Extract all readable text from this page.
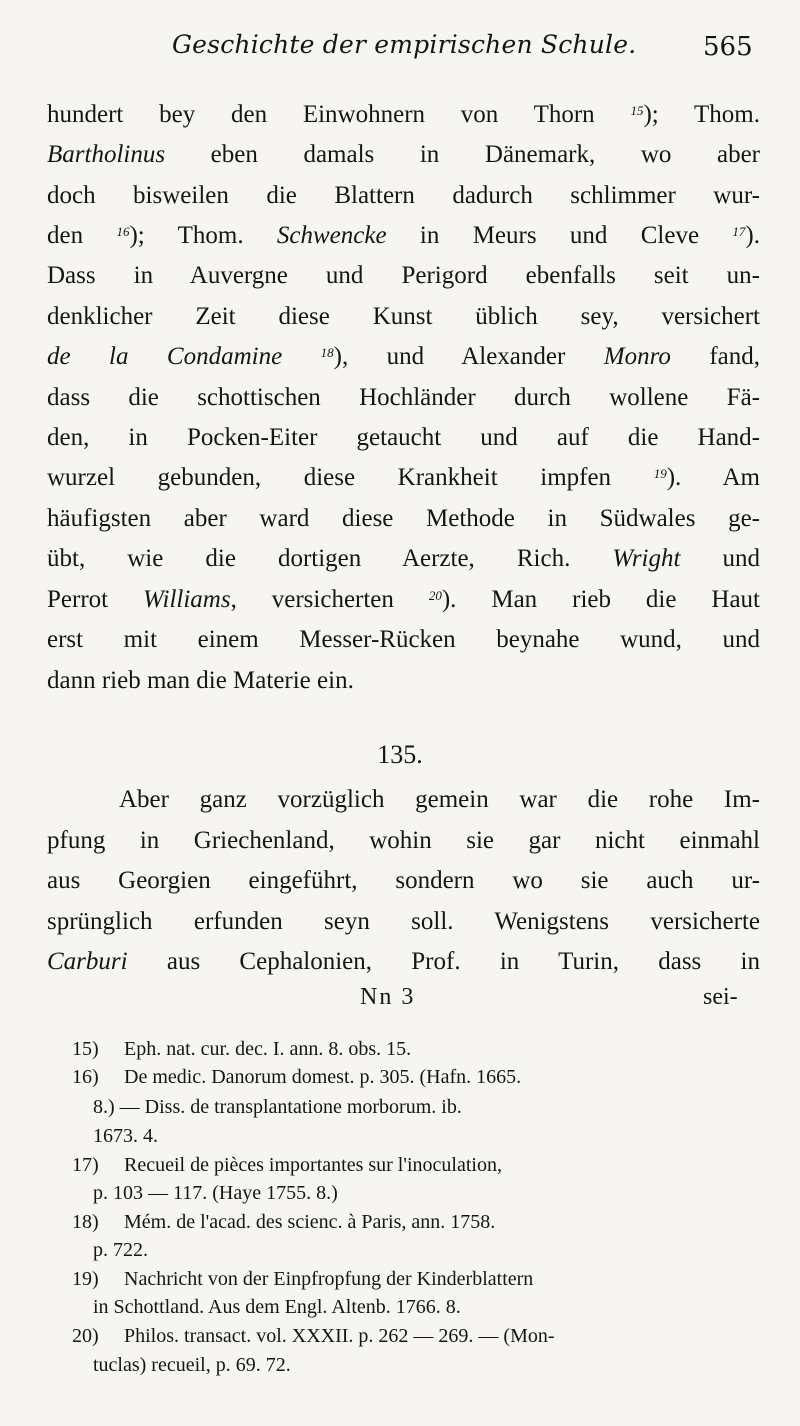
Geschichte der empirischen Schule.	565
hundert bey den Einwohnern von Thorn $^{15}$); Thom.
Bartholinus eben damals in Dänemark, wo aber
doch bisweilen die Blattern dadurch schlimmer wur-
den $^{16}$); Thom. Schwencke in Meurs und Cleve $^{17}$).
Dass in Auvergne und Perigord ebenfalls seit un-
denklicher Zeit diese Kunst üblich sey, versichert
de la Condamine	$^{18}$), und Alexander Monro fand,
dass die schottischen Hochländer durch wollene Fä-
den, in Pocken-Eiter getaucht und auf die Hand-
wurzel gebunden, diese Krankheit impfen $^{19}$). Am
häufigsten aber ward diese Methode in Südwales ge-
übt, wie die dortigen Aerzte, Rich. Wright und
Perrot Williams, versicherten $^{20}$). Man rieb die Haut
erst mit einem Messer-Rücken beynahe wund, und
dann rieb man die Materie ein.
135.
Aber ganz vorzüglich gemein war die rohe Im-
pfung in Griechenland, wohin sie gar nicht einmahl
aus Georgien eingeführt, sondern wo sie auch ur-
sprünglich erfunden seyn soll. Wenigstens versicherte
Carburi aus Cephalonien, Prof. in Turin, dass in
Nn 3	sei-
15) Eph. nat. cur. dec. I. ann. 8. obs. 15.
16) De medic. Danorum domest. p. 305. (Hafn. 1665.
8.) — Diss. de transplantatione morborum. ib.
1673. 4.
17) Recueil de pièces importantes sur l'inoculation,
p. 103 — 117. (Haye 1755. 8.)
18) Mém. de l'acad. des scienc. à Paris, ann. 1758.
p. 722.
19) Nachricht von der Einpfropfung der Kinderblattern
in Schottland. Aus dem Engl. Altenb. 1766. 8.
20) Philos. transact. vol. XXXII. p. 262 — 269. — (Mon-
tuclas) recueil, p. 69. 72.
